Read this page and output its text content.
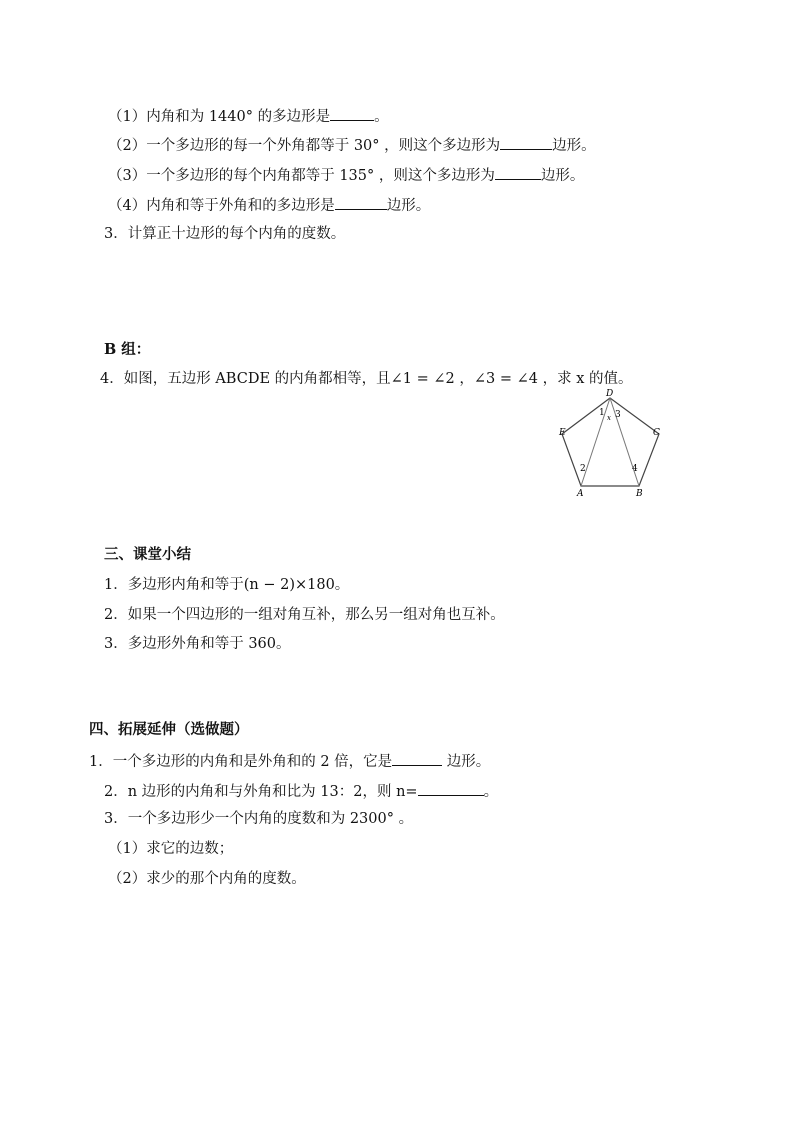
（1）内角和为 1440° 的多边形是	。
（2）一个多边形的每一个外角都等于 30° ，则这个多边形为	边形。
（3）一个多边形的每个内角都等于 135° ，则这个多边形为	边形。
（4）内角和等于外角和的多边形是	边形。
3．计算正十边形的每个内角的度数。
B 组：
4．如图，五边形 ABCDE 的内角都相等，且∠1 = ∠2 ，∠3 = ∠4 ，求 x 的值。
D
C
B
A
E
1 3
x
2	4
三、课堂小结
1．多边形内角和等于(n − 2)×180。
2．如果一个四边形的一组对角互补，那么另一组对角也互补。
3．多边形外角和等于 360。
四、拓展延伸（选做题）
1．一个多边形的内角和是外角和的 2 倍，它是	边形。
2．n 边形的内角和与外角和比为 13：2，则 n=	。
3．一个多边形少一个内角的度数和为 2300° 。
（1）求它的边数；
（2）求少的那个内角的度数。
